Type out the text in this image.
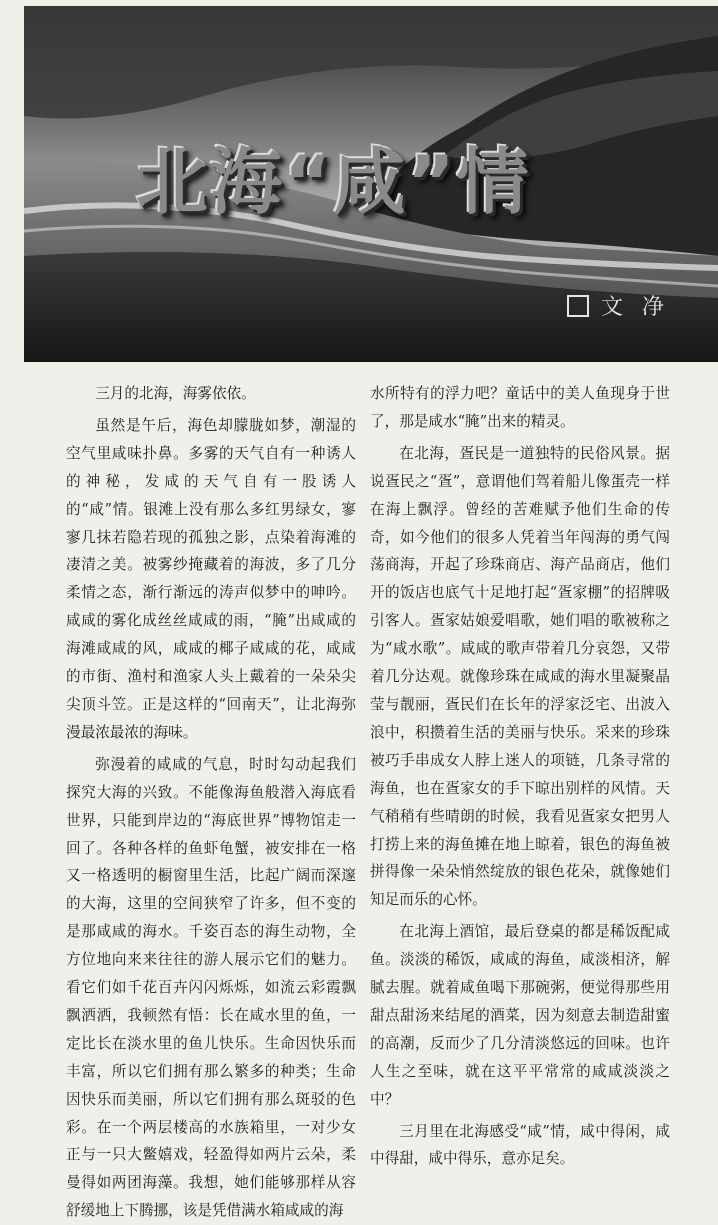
北海“咸”情
文 净

三月的北海，海雾依依。

虽然是午后，海色却朦胧如梦，潮湿的空气里咸味扑鼻。多雾的天气自有一种诱人的神秘，发咸的天气自有一股诱人的“咸”情。银滩上没有那么多红男绿女，寥寥几抹若隐若现的孤独之影，点染着海滩的凄清之美。被雾纱掩藏着的海波，多了几分柔情之态，渐行渐远的涛声似梦中的呻吟。咸咸的雾化成丝丝咸咸的雨，“腌”出咸咸的海滩咸咸的风，咸咸的椰子咸咸的花，咸咸的市街、渔村和渔家人头上戴着的一朵朵尖尖顶斗笠。正是这样的“回南天”，让北海弥漫最浓最浓的海味。

弥漫着的咸咸的气息，时时勾动起我们探究大海的兴致。不能像海鱼般潜入海底看世界，只能到岸边的“海底世界”博物馆走一回了。各种各样的鱼虾龟蟹，被安排在一格又一格透明的橱窗里生活，比起广阔而深邃的大海，这里的空间狭窄了许多，但不变的是那咸咸的海水。千姿百态的海生动物，全方位地向来来往往的游人展示它们的魅力。看它们如千花百卉闪闪烁烁，如流云彩霞飘飘洒洒，我顿然有悟：长在咸水里的鱼，一定比长在淡水里的鱼儿快乐。生命因快乐而丰富，所以它们拥有那么繁多的种类；生命因快乐而美丽，所以它们拥有那么斑驳的色彩。在一个两层楼高的水族箱里，一对少女正与一只大鳖嬉戏，轻盈得如两片云朵，柔曼得如两团海藻。我想，她们能够那样从容舒缓地上下腾挪，该是凭借满水箱咸咸的海

水所特有的浮力吧？童话中的美人鱼现身于世了，那是咸水“腌”出来的精灵。

在北海，疍民是一道独特的民俗风景。据说疍民之“疍”，意谓他们驾着船儿像蛋壳一样在海上飘浮。曾经的苦难赋予他们生命的传奇，如今他们的很多人凭着当年闯海的勇气闯荡商海，开起了珍珠商店、海产品商店，他们开的饭店也底气十足地打起“疍家棚”的招牌吸引客人。疍家姑娘爱唱歌，她们唱的歌被称之为“咸水歌”。咸咸的歌声带着几分哀怨，又带着几分达观。就像珍珠在咸咸的海水里凝聚晶莹与靓丽，疍民们在长年的浮家泛宅、出波入浪中，积攒着生活的美丽与快乐。采来的珍珠被巧手串成女人脖上迷人的项链，几条寻常的海鱼，也在疍家女的手下晾出别样的风情。天气稍稍有些晴朗的时候，我看见疍家女把男人打捞上来的海鱼摊在地上晾着，银色的海鱼被拼得像一朵朵悄然绽放的银色花朵，就像她们知足而乐的心怀。

在北海上酒馆，最后登桌的都是稀饭配咸鱼。淡淡的稀饭，咸咸的海鱼，咸淡相济，解腻去腥。就着咸鱼喝下那碗粥，便觉得那些用甜点甜汤来结尾的酒菜，因为刻意去制造甜蜜的高潮，反而少了几分清淡悠远的回味。也许人生之至味，就在这平平常常的咸咸淡淡之中？

三月里在北海感受“咸”情，咸中得闲，咸中得甜，咸中得乐，意亦足矣。
